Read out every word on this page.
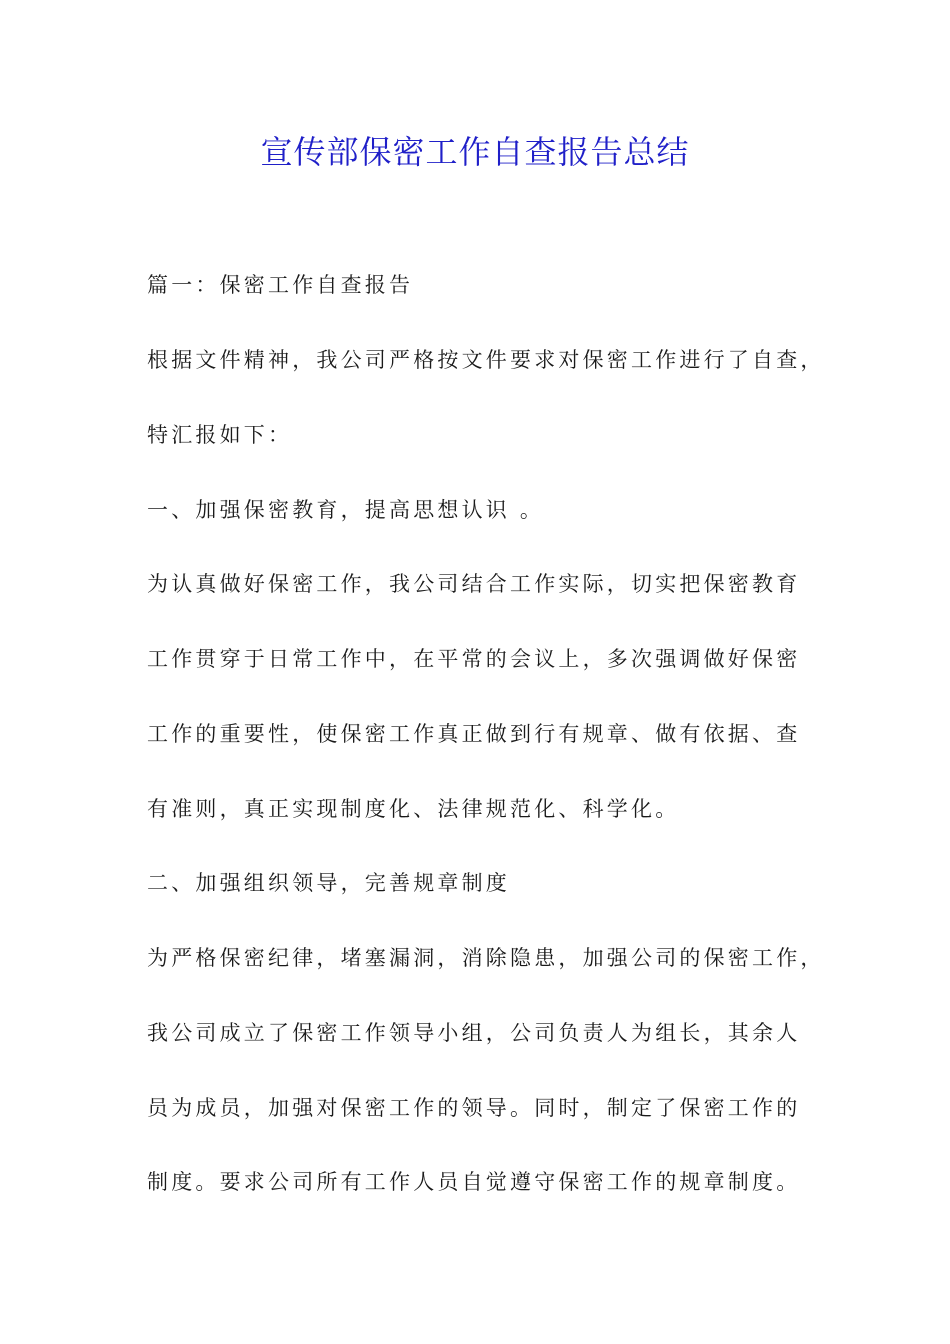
宣传部保密工作自查报告总结

篇一：保密工作自查报告

根据文件精神，我公司严格按文件要求对保密工作进行了自查，

特汇报如下：

一、加强保密教育，提高思想认识 。

为认真做好保密工作，我公司结合工作实际，切实把保密教育

工作贯穿于日常工作中，在平常的会议上，多次强调做好保密

工作的重要性，使保密工作真正做到行有规章、做有依据、查

有准则，真正实现制度化、法律规范化、科学化。

二、加强组织领导，完善规章制度

为严格保密纪律，堵塞漏洞，消除隐患，加强公司的保密工作，

我公司成立了保密工作领导小组，公司负责人为组长，其余人

员为成员，加强对保密工作的领导。同时，制定了保密工作的

制度。要求公司所有工作人员自觉遵守保密工作的规章制度。
